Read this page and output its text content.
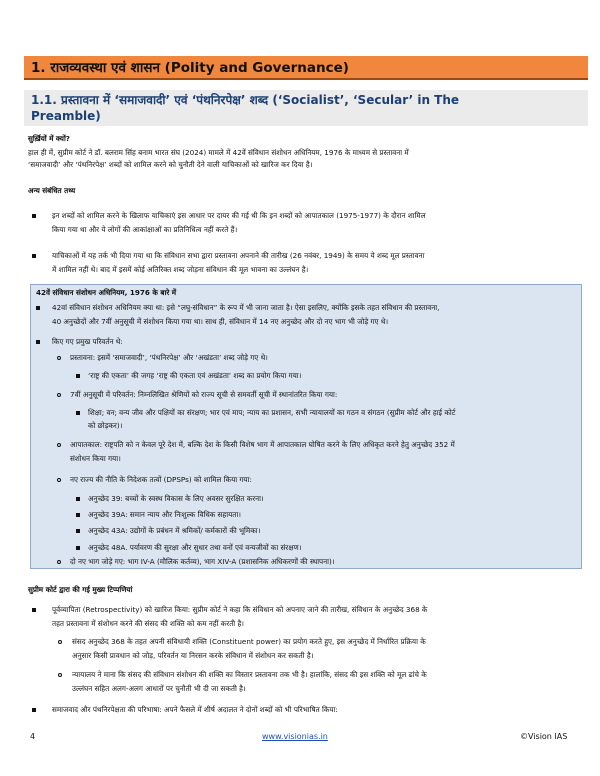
1. राजव्यवस्था एवं शासन (Polity and Governance)
1.1. प्रस्तावना में ‘समाजवादी’ एवं ‘पंथनिरपेक्ष’ शब्द (‘Socialist’, ‘Secular’ in The
Preamble)
सुर्ख़ियों में क्यों?
हाल ही में, सुप्रीम कोर्ट ने डॉ. बलराम सिंह बनाम भारत संघ (2024) मामले में 42वें संविधान संशोधन अधिनियम, 1976 के माध्यम से प्रस्तावना में
‘समाजवादी’ और ‘पंथनिरपेक्ष’ शब्दों को शामिल करने को चुनौती देने वाली याचिकाओं को खारिज कर दिया है।
अन्य संबंधित तथ्य
इन शब्दों को शामिल करने के खिलाफ याचिकाएं इस आधार पर दायर की गई थी कि इन शब्दों को आपातकाल (1975-1977) के दौरान शामिल
किया गया था और ये लोगों की आकांक्षाओं का प्रतिनिधित्व नहीं करते हैं।
याचिकाओं में यह तर्क भी दिया गया था कि संविधान सभा द्वारा प्रस्तावना अपनाने की तारीख (26 नवंबर, 1949) के समय ये शब्द मूल प्रस्तावना
में शामिल नहीं थे। बाद में इसमें कोई अतिरिक्त शब्द जोड़ना संविधान की मूल भावना का उल्लंघन है।
42वें संविधान संशोधन अधिनियम, 1976 के बारे में
42वां संविधान संशोधन अधिनियम क्या था: इसे “लघु-संविधान” के रूप में भी जाना जाता है। ऐसा इसलिए, क्योंकि इसके तहत संविधान की प्रस्तावना,
40 अनुच्छेदों और 7वीं अनुसूची में संशोधन किया गया था। साथ ही, संविधान में 14 नए अनुच्छेद और दो नए भाग भी जोड़े गए थे।
किए गए प्रमुख परिवर्तन थे:
प्रस्तावना: इसमें ‘समाजवादी’, ‘पंथनिरपेक्ष’ और ‘अखंडता’ शब्द जोड़े गए थे।
‘राष्ट्र की एकता’ की जगह ‘राष्ट्र की एकता एवं अखंडता’ शब्द का प्रयोग किया गया।
7वीं अनुसूची में परिवर्तन: निम्नलिखित श्रेणियों को राज्य सूची से समवर्ती सूची में स्थानांतरित किया गया:
शिक्षा; वन; वन्य जीव और पक्षियों का संरक्षण; भार एवं माप; न्याय का प्रशासन, सभी न्यायालयों का गठन व संगठन (सुप्रीम कोर्ट और हाई कोर्ट
को छोड़कर)।
आपातकाल: राष्ट्रपति को न केवल पूरे देश में, बल्कि देश के किसी विशेष भाग में आपातकाल घोषित करने के लिए अधिकृत करने हेतु अनुच्छेद 352 में
संशोधन किया गया।
नए राज्य की नीति के निदेशक तत्वों (DPSPs) को शामिल किया गया:
अनुच्छेद 39: बच्चों के स्वस्थ विकास के लिए अवसर सुरक्षित करना।
अनुच्छेद 39A: समान न्याय और निःशुल्क विधिक सहायता।
अनुच्छेद 43A: उद्योगों के प्रबंधन में श्रमिकों/ कर्मकारों की भूमिका।
अनुच्छेद 48A. पर्यावरण की सुरक्षा और सुधार तथा वनों एवं वन्यजीवों का संरक्षण।
दो नए भाग जोड़े गए: भाग IV-A (मौलिक कर्तव्य), भाग XIV-A (प्रशासनिक अधिकरणों की स्थापना)।
सुप्रीम कोर्ट द्वारा की गई मुख्य टिप्पणियां
पूर्वव्यापिता (Retrospectivity) को खारिज किया: सुप्रीम कोर्ट ने कहा कि संविधान को अपनाए जाने की तारीख, संविधान के अनुच्छेद 368 के
तहत प्रस्तावना में संशोधन करने की संसद की शक्ति को कम नहीं करती है।
संसद अनुच्छेद 368 के तहत अपनी संविधायी शक्ति (Constituent power) का प्रयोग करते हुए, इस अनुच्छेद में निर्धारित प्रक्रिया के
अनुसार किसी प्रावधान को जोड़, परिवर्तन या निरसन करके संविधान में संशोधन कर सकती है।
न्यायालय ने माना कि संसद की संविधान संशोधन की शक्ति का विस्तार प्रस्तावना तक भी है। हालांकि, संसद की इस शक्ति को मूल ढांचे के
उल्लंघन सहित अलग-अलग आधारों पर चुनौती भी दी जा सकती है।
समाजवाद और पंथनिरपेक्षता की परिभाषा: अपने फैसले में शीर्ष अदालत ने दोनों शब्दों को भी परिभाषित किया:
4	www.visionias.in	©Vision IAS
